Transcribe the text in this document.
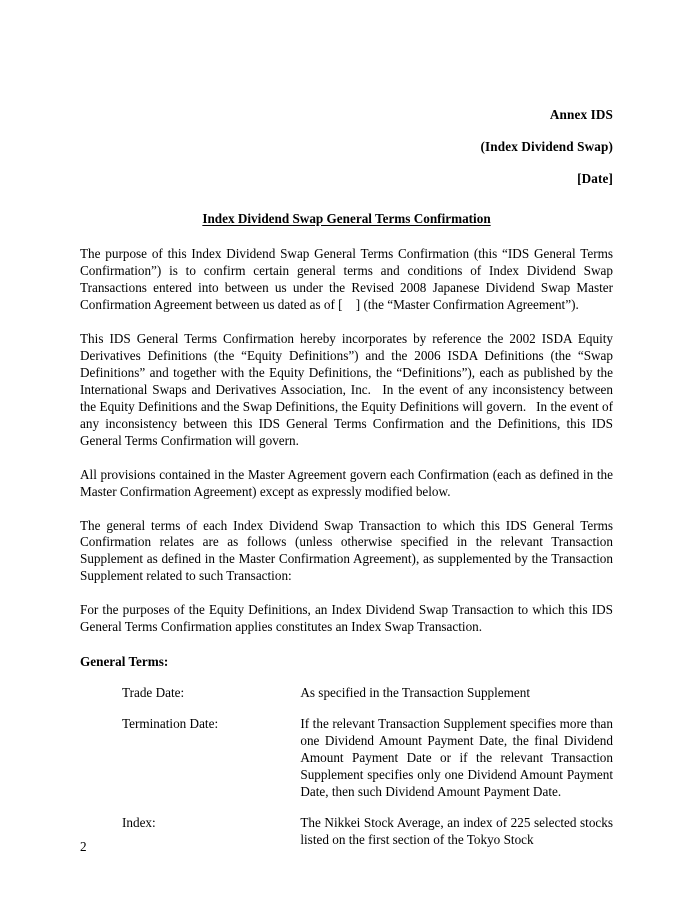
Annex IDS
(Index Dividend Swap)
[Date]
Index Dividend Swap General Terms Confirmation
The purpose of this Index Dividend Swap General Terms Confirmation (this “IDS General Terms Confirmation”) is to confirm certain general terms and conditions of Index Dividend Swap Transactions entered into between us under the Revised 2008 Japanese Dividend Swap Master Confirmation Agreement between us dated as of [ ] (the “Master Confirmation Agreement”).
This IDS General Terms Confirmation hereby incorporates by reference the 2002 ISDA Equity Derivatives Definitions (the “Equity Definitions”) and the 2006 ISDA Definitions (the “Swap Definitions” and together with the Equity Definitions, the “Definitions”), each as published by the International Swaps and Derivatives Association, Inc.  In the event of any inconsistency between the Equity Definitions and the Swap Definitions, the Equity Definitions will govern.  In the event of any inconsistency between this IDS General Terms Confirmation and the Definitions, this IDS General Terms Confirmation will govern.
All provisions contained in the Master Agreement govern each Confirmation (each as defined in the Master Confirmation Agreement) except as expressly modified below.
The general terms of each Index Dividend Swap Transaction to which this IDS General Terms Confirmation relates are as follows (unless otherwise specified in the relevant Transaction Supplement as defined in the Master Confirmation Agreement), as supplemented by the Transaction Supplement related to such Transaction:
For the purposes of the Equity Definitions, an Index Dividend Swap Transaction to which this IDS General Terms Confirmation applies constitutes an Index Swap Transaction.
General Terms:
Trade Date:	As specified in the Transaction Supplement
Termination Date:	If the relevant Transaction Supplement specifies more than one Dividend Amount Payment Date, the final Dividend Amount Payment Date or if the relevant Transaction Supplement specifies only one Dividend Amount Payment Date, then such Dividend Amount Payment Date.
Index:	The Nikkei Stock Average, an index of 225 selected stocks listed on the first section of the Tokyo Stock
2
